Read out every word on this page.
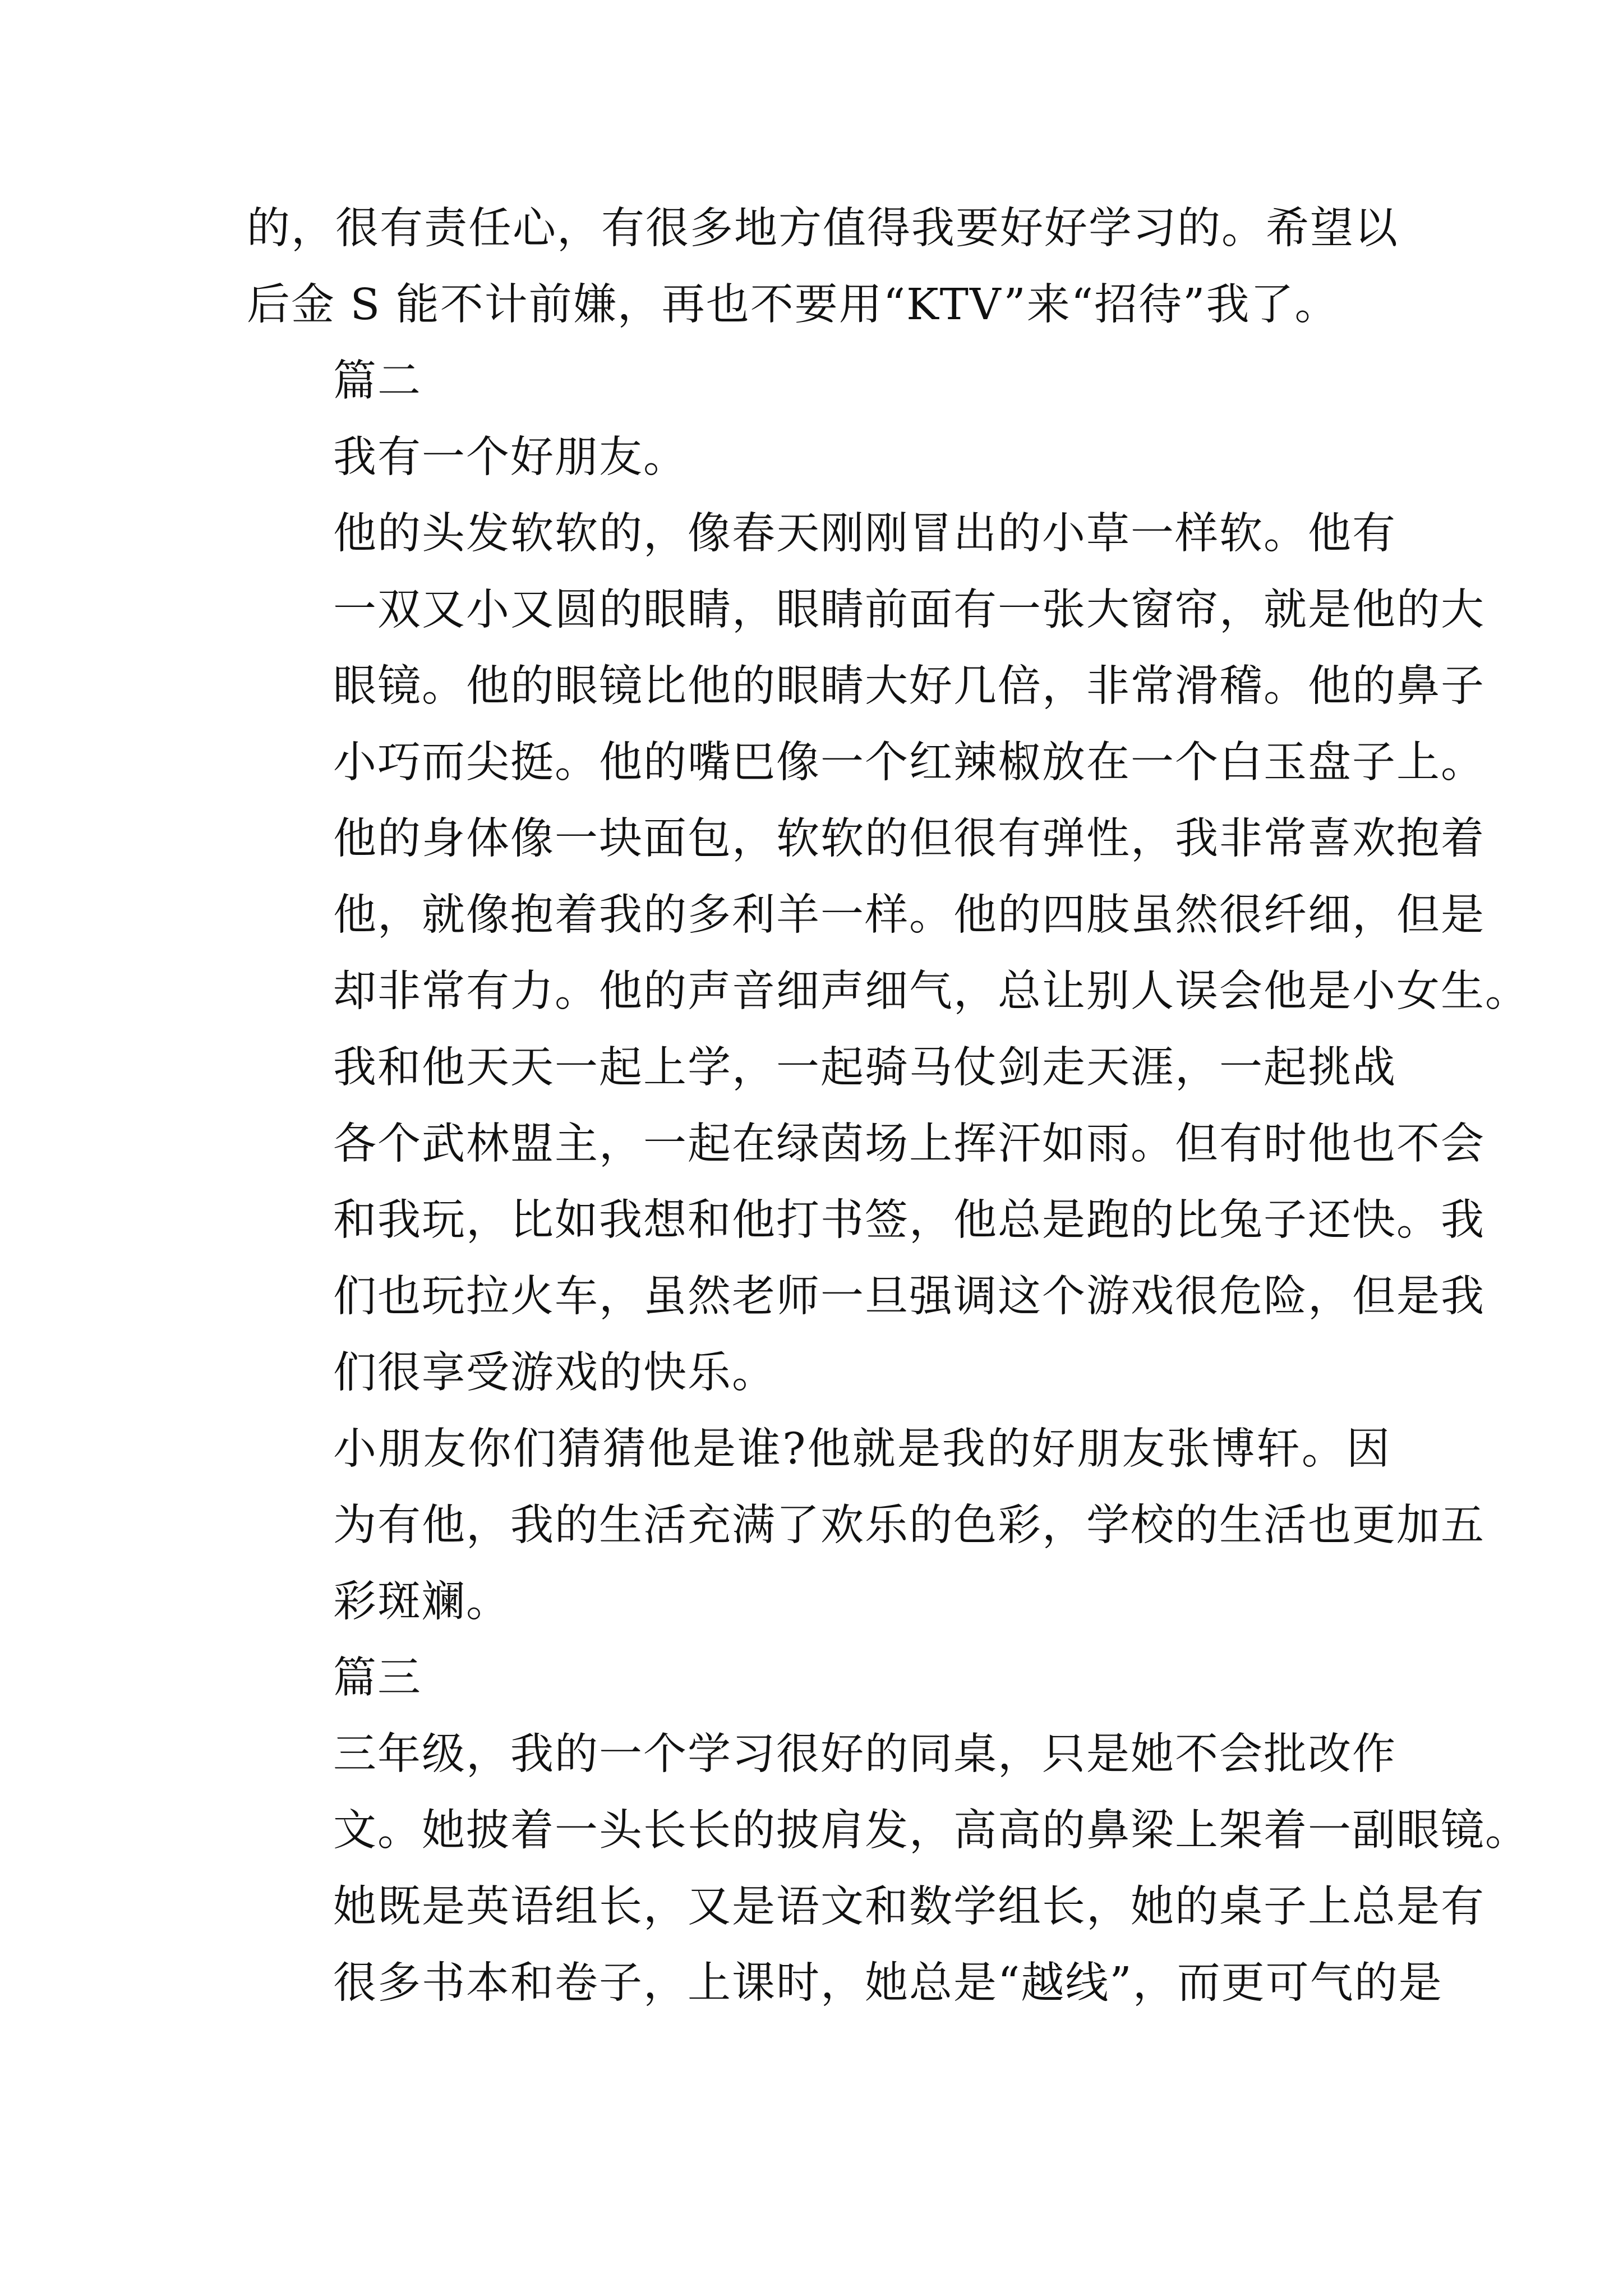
的，很有责任心，有很多地方值得我要好好学习的。希望以
后金 S 能不计前嫌，再也不要用“KTV”来“招待”我了。

篇二

我有一个好朋友。

他的头发软软的，像春天刚刚冒出的小草一样软。他有
一双又小又圆的眼睛，眼睛前面有一张大窗帘，就是他的大
眼镜。他的眼镜比他的眼睛大好几倍，非常滑稽。他的鼻子
小巧而尖挺。他的嘴巴像一个红辣椒放在一个白玉盘子上。
他的身体像一块面包，软软的但很有弹性，我非常喜欢抱着
他，就像抱着我的多利羊一样。他的四肢虽然很纤细，但是
却非常有力。他的声音细声细气，总让别人误会他是小女生。

我和他天天一起上学，一起骑马仗剑走天涯，一起挑战
各个武林盟主，一起在绿茵场上挥汗如雨。但有时他也不会
和我玩，比如我想和他打书签，他总是跑的比兔子还快。我
们也玩拉火车，虽然老师一旦强调这个游戏很危险，但是我
们很享受游戏的快乐。

小朋友你们猜猜他是谁?他就是我的好朋友张博轩。因
为有他，我的生活充满了欢乐的色彩，学校的生活也更加五
彩斑斓。

篇三

三年级，我的一个学习很好的同桌，只是她不会批改作
文。她披着一头长长的披肩发，高高的鼻梁上架着一副眼镜。
她既是英语组长，又是语文和数学组长，她的桌子上总是有
很多书本和卷子，上课时，她总是“越线”，而更可气的是
